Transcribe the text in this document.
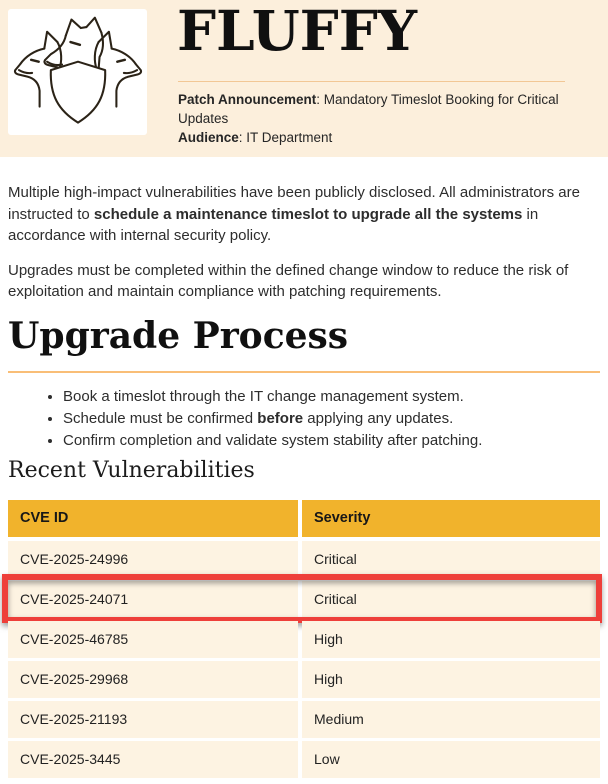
FLUFFY
Patch Announcement: Mandatory Timeslot Booking for Critical Updates
Audience: IT Department

Multiple high-impact vulnerabilities have been publicly disclosed. All administrators are instructed to schedule a maintenance timeslot to upgrade all the systems in accordance with internal security policy.

Upgrades must be completed within the defined change window to reduce the risk of exploitation and maintain compliance with patching requirements.

Upgrade Process
• Book a timeslot through the IT change management system.
• Schedule must be confirmed before applying any updates.
• Confirm completion and validate system stability after patching.
Recent Vulnerabilities
CVE ID	Severity
CVE-2025-24996	Critical
CVE-2025-24071	Critical
CVE-2025-46785	High
CVE-2025-29968	High
CVE-2025-21193	Medium
CVE-2025-3445	Low
